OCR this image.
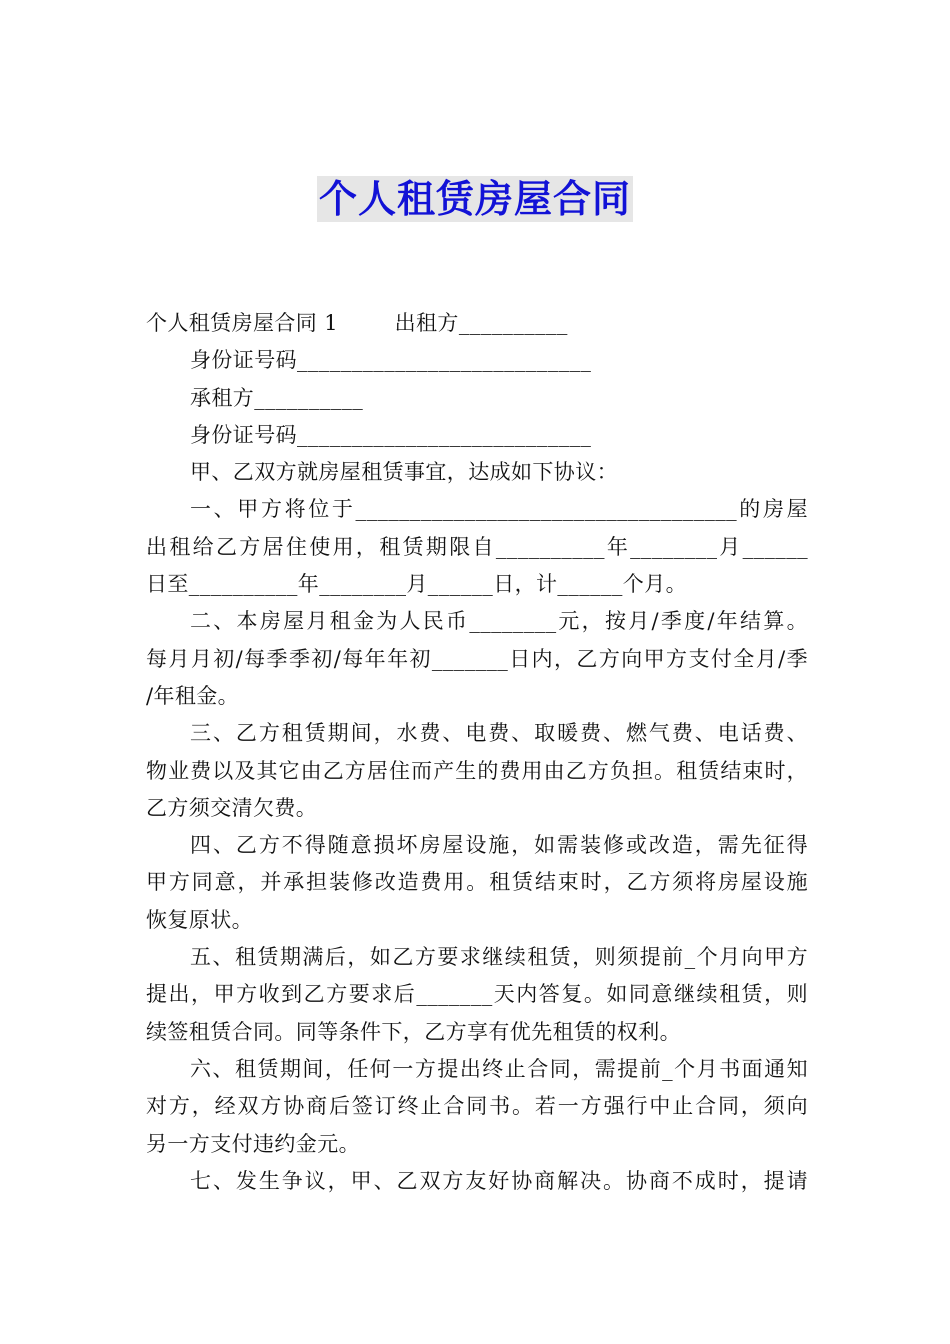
个人租赁房屋合同
个人租赁房屋合同 1        出租方__________
身份证号码___________________________
承租方__________
身份证号码___________________________
甲、乙双方就房屋租赁事宜，达成如下协议：
一、甲方将位于___________________________________的房屋
出租给乙方居住使用，租赁期限自__________年________月______
日至__________年________月______日，计______个月。
二、本房屋月租金为人民币________元，按月/季度/年结算。
每月月初/每季季初/每年年初_______日内，乙方向甲方支付全月/季
/年租金。
三、乙方租赁期间，水费、电费、取暖费、燃气费、电话费、
物业费以及其它由乙方居住而产生的费用由乙方负担。租赁结束时，
乙方须交清欠费。
四、乙方不得随意损坏房屋设施，如需装修或改造，需先征得
甲方同意，并承担装修改造费用。租赁结束时，乙方须将房屋设施
恢复原状。
五、租赁期满后，如乙方要求继续租赁，则须提前_个月向甲方
提出，甲方收到乙方要求后_______天内答复。如同意继续租赁，则
续签租赁合同。同等条件下，乙方享有优先租赁的权利。
六、租赁期间，任何一方提出终止合同，需提前_个月书面通知
对方，经双方协商后签订终止合同书。若一方强行中止合同，须向
另一方支付违约金元。
七、发生争议，甲、乙双方友好协商解决。协商不成时，提请
